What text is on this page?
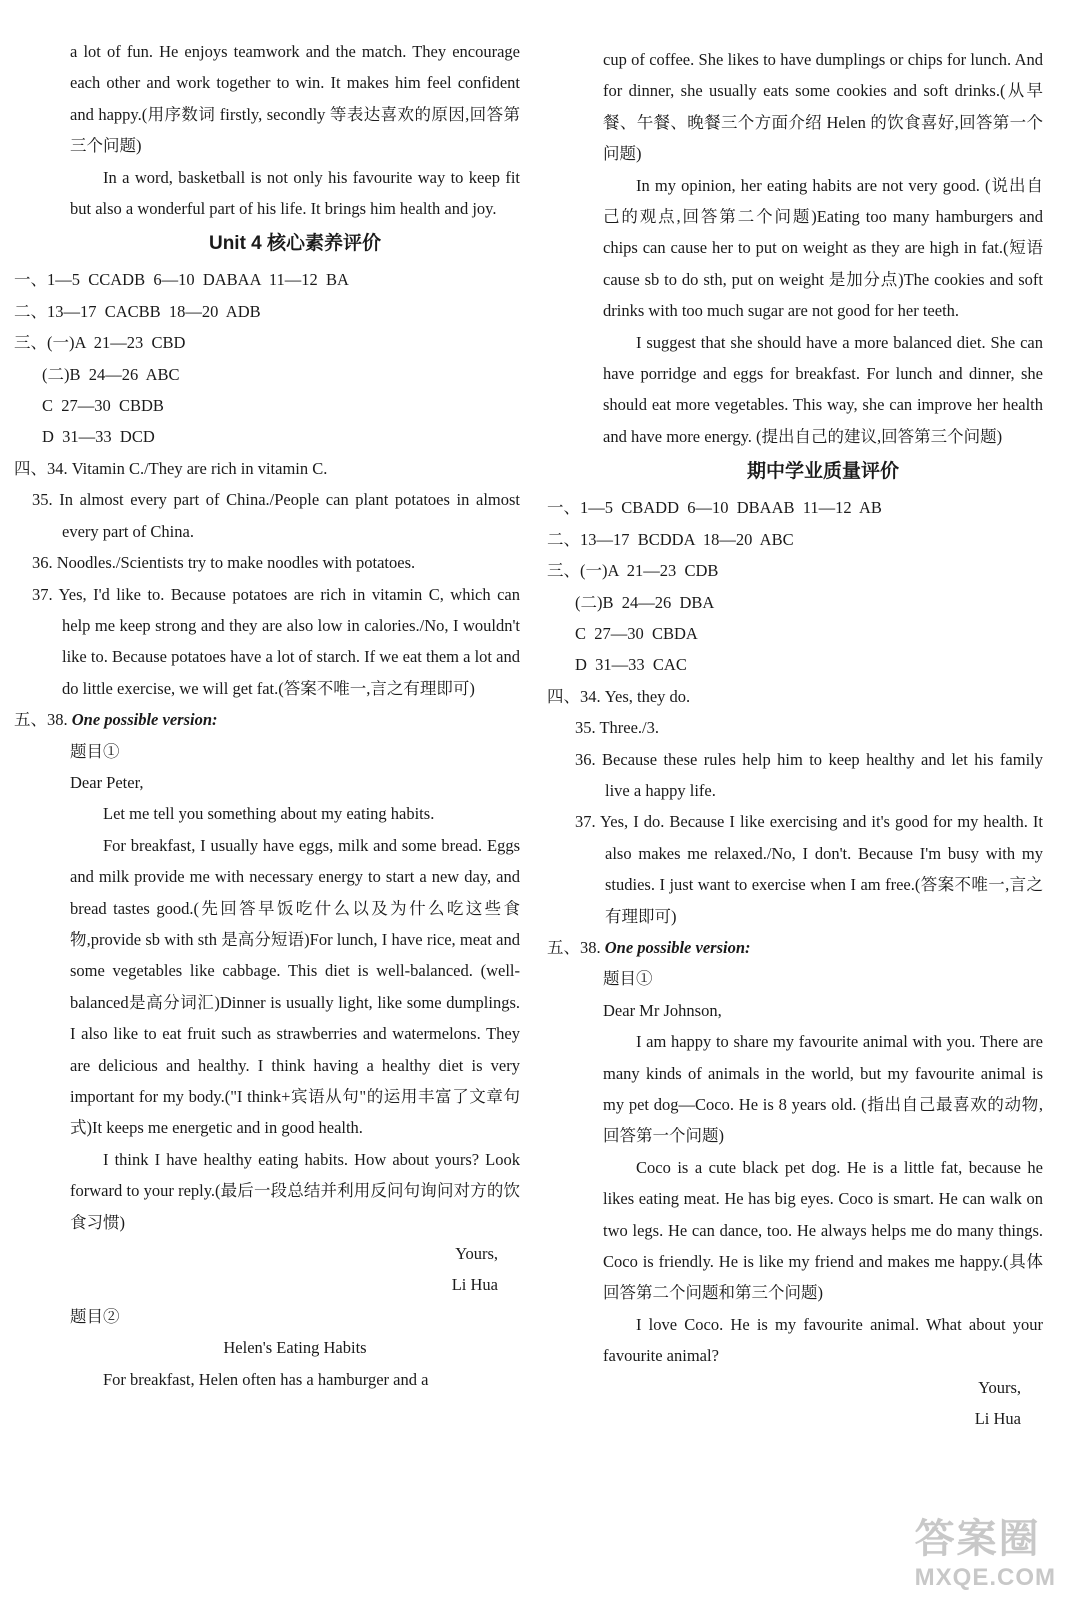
a lot of fun. He enjoys teamwork and the match. They encourage each other and work together to win. It makes him feel confident and happy.(用序数词 firstly, secondly 等表达喜欢的原因,回答第三个问题)

In a word, basketball is not only his favourite way to keep fit but also a wonderful part of his life. It brings him health and joy.

Unit 4 核心素养评价
一、1—5  CCADB  6—10  DABAA  11—12  BA
二、13—17  CACBB  18—20  ADB
三、(一)A  21—23  CBD
(二)B  24—26  ABC
C  27—30  CBDB
D  31—33  DCD
四、34. Vitamin C./They are rich in vitamin C.

35. In almost every part of China./People can plant potatoes in almost every part of China.

36. Noodles./Scientists try to make noodles with potatoes.

37. Yes, I'd like to. Because potatoes are rich in vitamin C, which can help me keep strong and they are also low in calories./No, I wouldn't like to. Because potatoes have a lot of starch. If we eat them a lot and do little exercise, we will get fat.(答案不唯一,言之有理即可)

五、38. One possible version:
题目①
Dear Peter,

Let me tell you something about my eating habits.

For breakfast, I usually have eggs, milk and some bread. Eggs and milk provide me with necessary energy to start a new day, and bread tastes good.(先回答早饭吃什么以及为什么吃这些食物,provide sb with sth 是高分短语)For lunch, I have rice, meat and some vegetables like cabbage. This diet is well-balanced. (well-balanced是高分词汇)Dinner is usually light, like some dumplings. I also like to eat fruit such as strawberries and watermelons. They are delicious and healthy. I think having a healthy diet is very important for my body.("I think+宾语从句"的运用丰富了文章句式)It keeps me energetic and in good health.

I think I have healthy eating habits. How about yours? Look forward to your reply.(最后一段总结并利用反问句询问对方的饮食习惯)

Yours,
Li Hua
题目②
Helen's Eating Habits

For breakfast, Helen often has a hamburger and a

cup of coffee. She likes to have dumplings or chips for lunch. And for dinner, she usually eats some cookies and soft drinks.(从早餐、午餐、晚餐三个方面介绍 Helen 的饮食喜好,回答第一个问题)

In my opinion, her eating habits are not very good. (说出自己的观点,回答第二个问题)Eating too many hamburgers and chips can cause her to put on weight as they are high in fat.(短语 cause sb to do sth, put on weight 是加分点)The cookies and soft drinks with too much sugar are not good for her teeth.

I suggest that she should have a more balanced diet. She can have porridge and eggs for breakfast. For lunch and dinner, she should eat more vegetables. This way, she can improve her health and have more energy. (提出自己的建议,回答第三个问题)

期中学业质量评价
一、1—5  CBADD  6—10  DBAAB  11—12  AB
二、13—17  BCDDA  18—20  ABC
三、(一)A  21—23  CDB
(二)B  24—26  DBA
C  27—30  CBDA
D  31—33  CAC
四、34. Yes, they do.

35. Three./3.

36. Because these rules help him to keep healthy and let his family live a happy life.

37. Yes, I do. Because I like exercising and it's good for my health. It also makes me relaxed./No, I don't. Because I'm busy with my studies. I just want to exercise when I am free.(答案不唯一,言之有理即可)

五、38. One possible version:
题目①
Dear Mr Johnson,

I am happy to share my favourite animal with you. There are many kinds of animals in the world, but my favourite animal is my pet dog—Coco. He is 8 years old. (指出自己最喜欢的动物,回答第一个问题)

Coco is a cute black pet dog. He is a little fat, because he likes eating meat. He has big eyes. Coco is smart. He can walk on two legs. He can dance, too. He always helps me do many things. Coco is friendly. He is like my friend and makes me happy.(具体回答第二个问题和第三个问题)

I love Coco. He is my favourite animal. What about your favourite animal?

Yours,
Li Hua
答案圈
MXQE.COM
